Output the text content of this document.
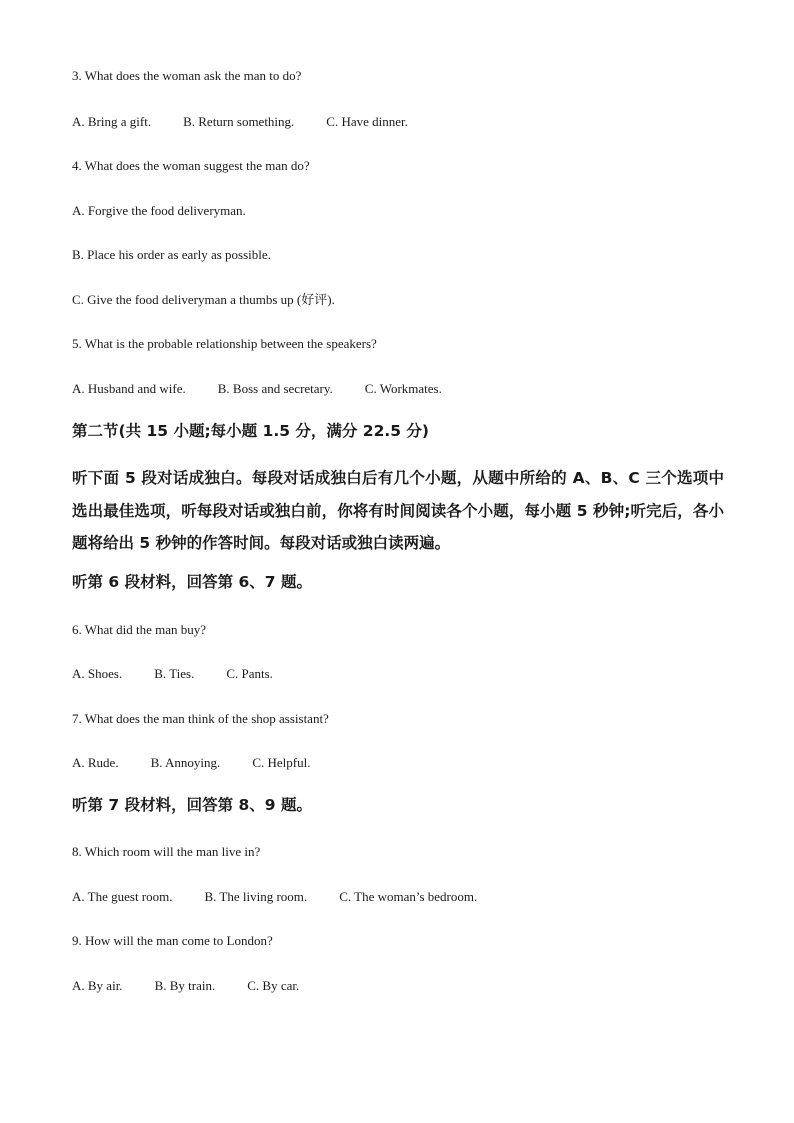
3. What does the woman ask the man to do?
A. Bring a gift. B. Return something. C. Have dinner.
4. What does the woman suggest the man do?
A. Forgive the food deliveryman.
B. Place his order as early as possible.
C. Give the food deliveryman a thumbs up (好评).
5. What is the probable relationship between the speakers?
A. Husband and wife. B. Boss and secretary. C. Workmates.
第二节(共 15 小题;每小题 1.5 分，满分 22.5 分)

听下面 5 段对话成独白。每段对话成独白后有几个小题，从题中所给的 A、B、C 三个选项中选出最佳选项，听每段对话或独白前，你将有时间阅读各个小题，每小题 5 秒钟;听完后，各小题将给出 5 秒钟的作答时间。每段对话或独白读两遍。

听第 6 段材料，回答第 6、7 题。
6. What did the man buy?
A. Shoes. B. Ties. C. Pants.
7. What does the man think of the shop assistant?
A. Rude. B. Annoying. C. Helpful.
听第 7 段材料，回答第 8、9 题。
8. Which room will the man live in?
A. The guest room. B. The living room. C. The woman’s bedroom.
9. How will the man come to London?
A. By air. B. By train. C. By car.
